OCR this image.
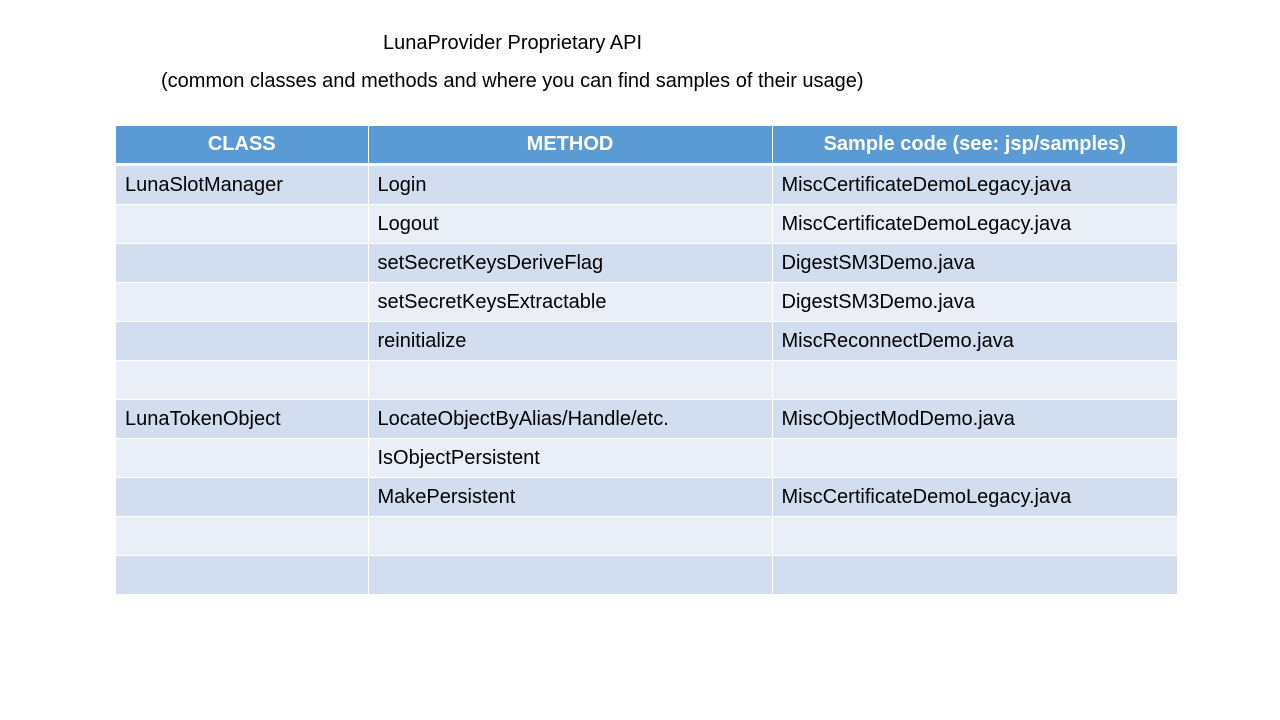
LunaProvider Proprietary API
(common classes and methods and where you can find samples of their usage)
CLASS	METHOD	Sample code (see: jsp/samples)
LunaSlotManager	Login	MiscCertificateDemoLegacy.java
	Logout	MiscCertificateDemoLegacy.java
	setSecretKeysDeriveFlag	DigestSM3Demo.java
	setSecretKeysExtractable	DigestSM3Demo.java
	reinitialize	MiscReconnectDemo.java

LunaTokenObject	LocateObjectByAlias/Handle/etc.	MiscObjectModDemo.java
	IsObjectPersistent	
	MakePersistent	MiscCertificateDemoLegacy.java
